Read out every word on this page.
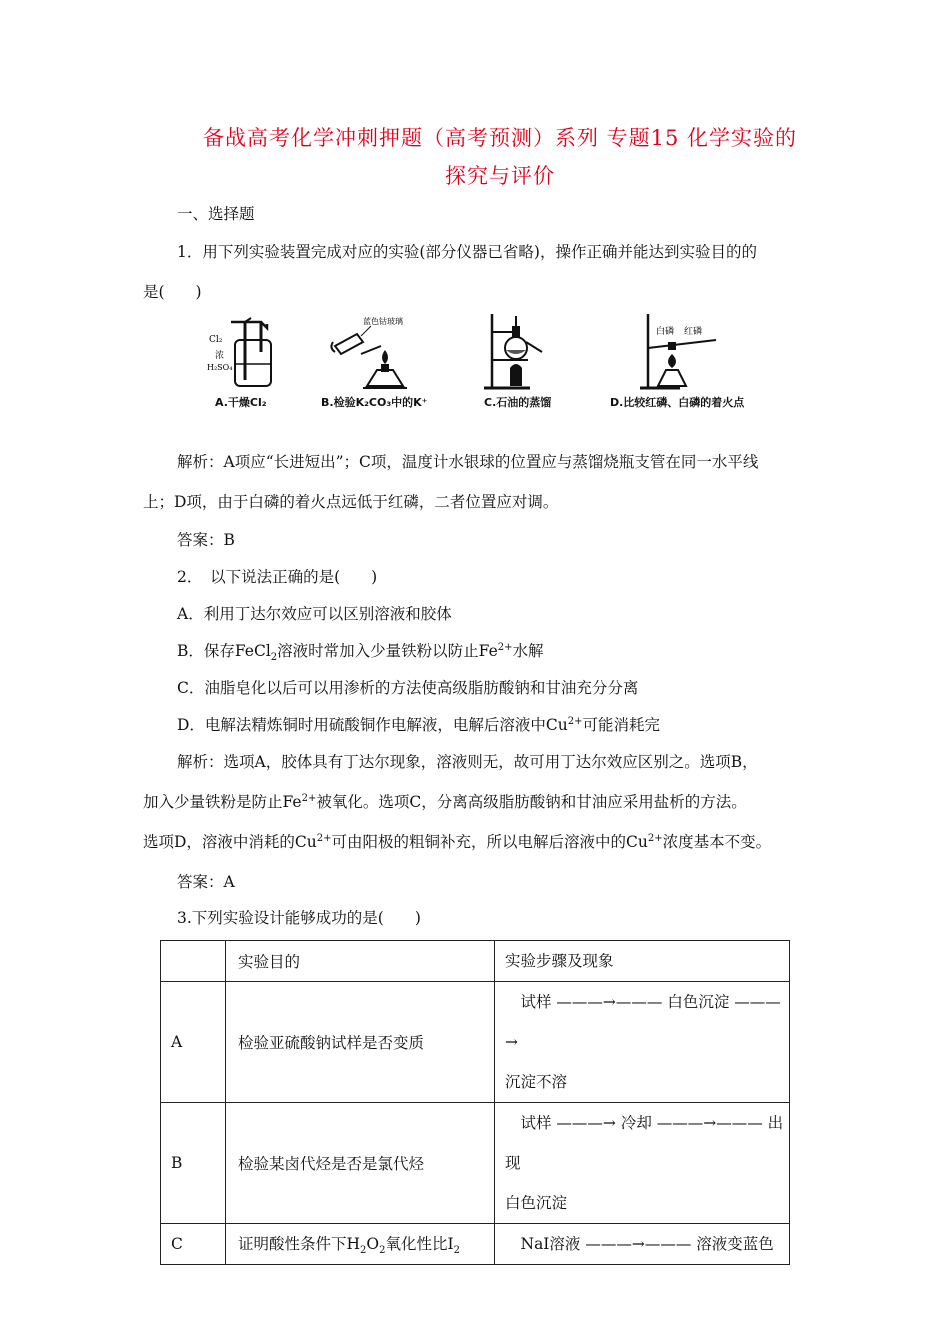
备战高考化学冲刺押题（高考预测）系列 专题15 化学实验的
探究与评价
一、选择题
1．用下列实验装置完成对应的实验(部分仪器已省略)，操作正确并能达到实验目的的
是(　　)
Cl₂
浓
H₂SO₄
A.干燥Cl₂
蓝色钴玻璃
B.检验K₂CO₃中的K⁺	C.石油的蒸馏
白磷 红磷
D.比较红磷、白磷的着火点
解析：A项应“长进短出”；C项，温度计水银球的位置应与蒸馏烧瓶支管在同一水平线
上；D项，由于白磷的着火点远低于红磷，二者位置应对调。
答案：B
2．　以下说法正确的是(　　)
A．利用丁达尔效应可以区别溶液和胶体
B．保存FeCl$_2$溶液时常加入少量铁粉以防止$Fe^{2+}$水解
C．油脂皂化以后可以用渗析的方法使高级脂肪酸钠和甘油充分分离
D．电解法精炼铜时用硫酸铜作电解液，电解后溶液中$Cu^{2+}$可能消耗完
解析：选项A，胶体具有丁达尔现象，溶液则无，故可用丁达尔效应区别之。选项B，
加入少量铁粉是防止$Fe^{2+}$被氧化。选项C，分离高级脂肪酸钠和甘油应采用盐析的方法。
选项D，溶液中消耗的$Cu^{2+}$可由阳极的粗铜补充，所以电解后溶液中的$Cu^{2+}$浓度基本不变。
答案：A
3.下列实验设计能够成功的是(　　)
	实验目的	实验步骤及现象
A	检验亚硫酸钠试样是否变质	　试样 ———→——— 白色沉淀 ———→
沉淀不溶

B	检验某卤代烃是否是氯代烃	　试样 ———→ 冷却 ———→——— 出现
白色沉淀

C	证明酸性条件下$H_2O_2$氧化性比$I_2$	　NaI溶液 ———→——— 溶液变蓝色
